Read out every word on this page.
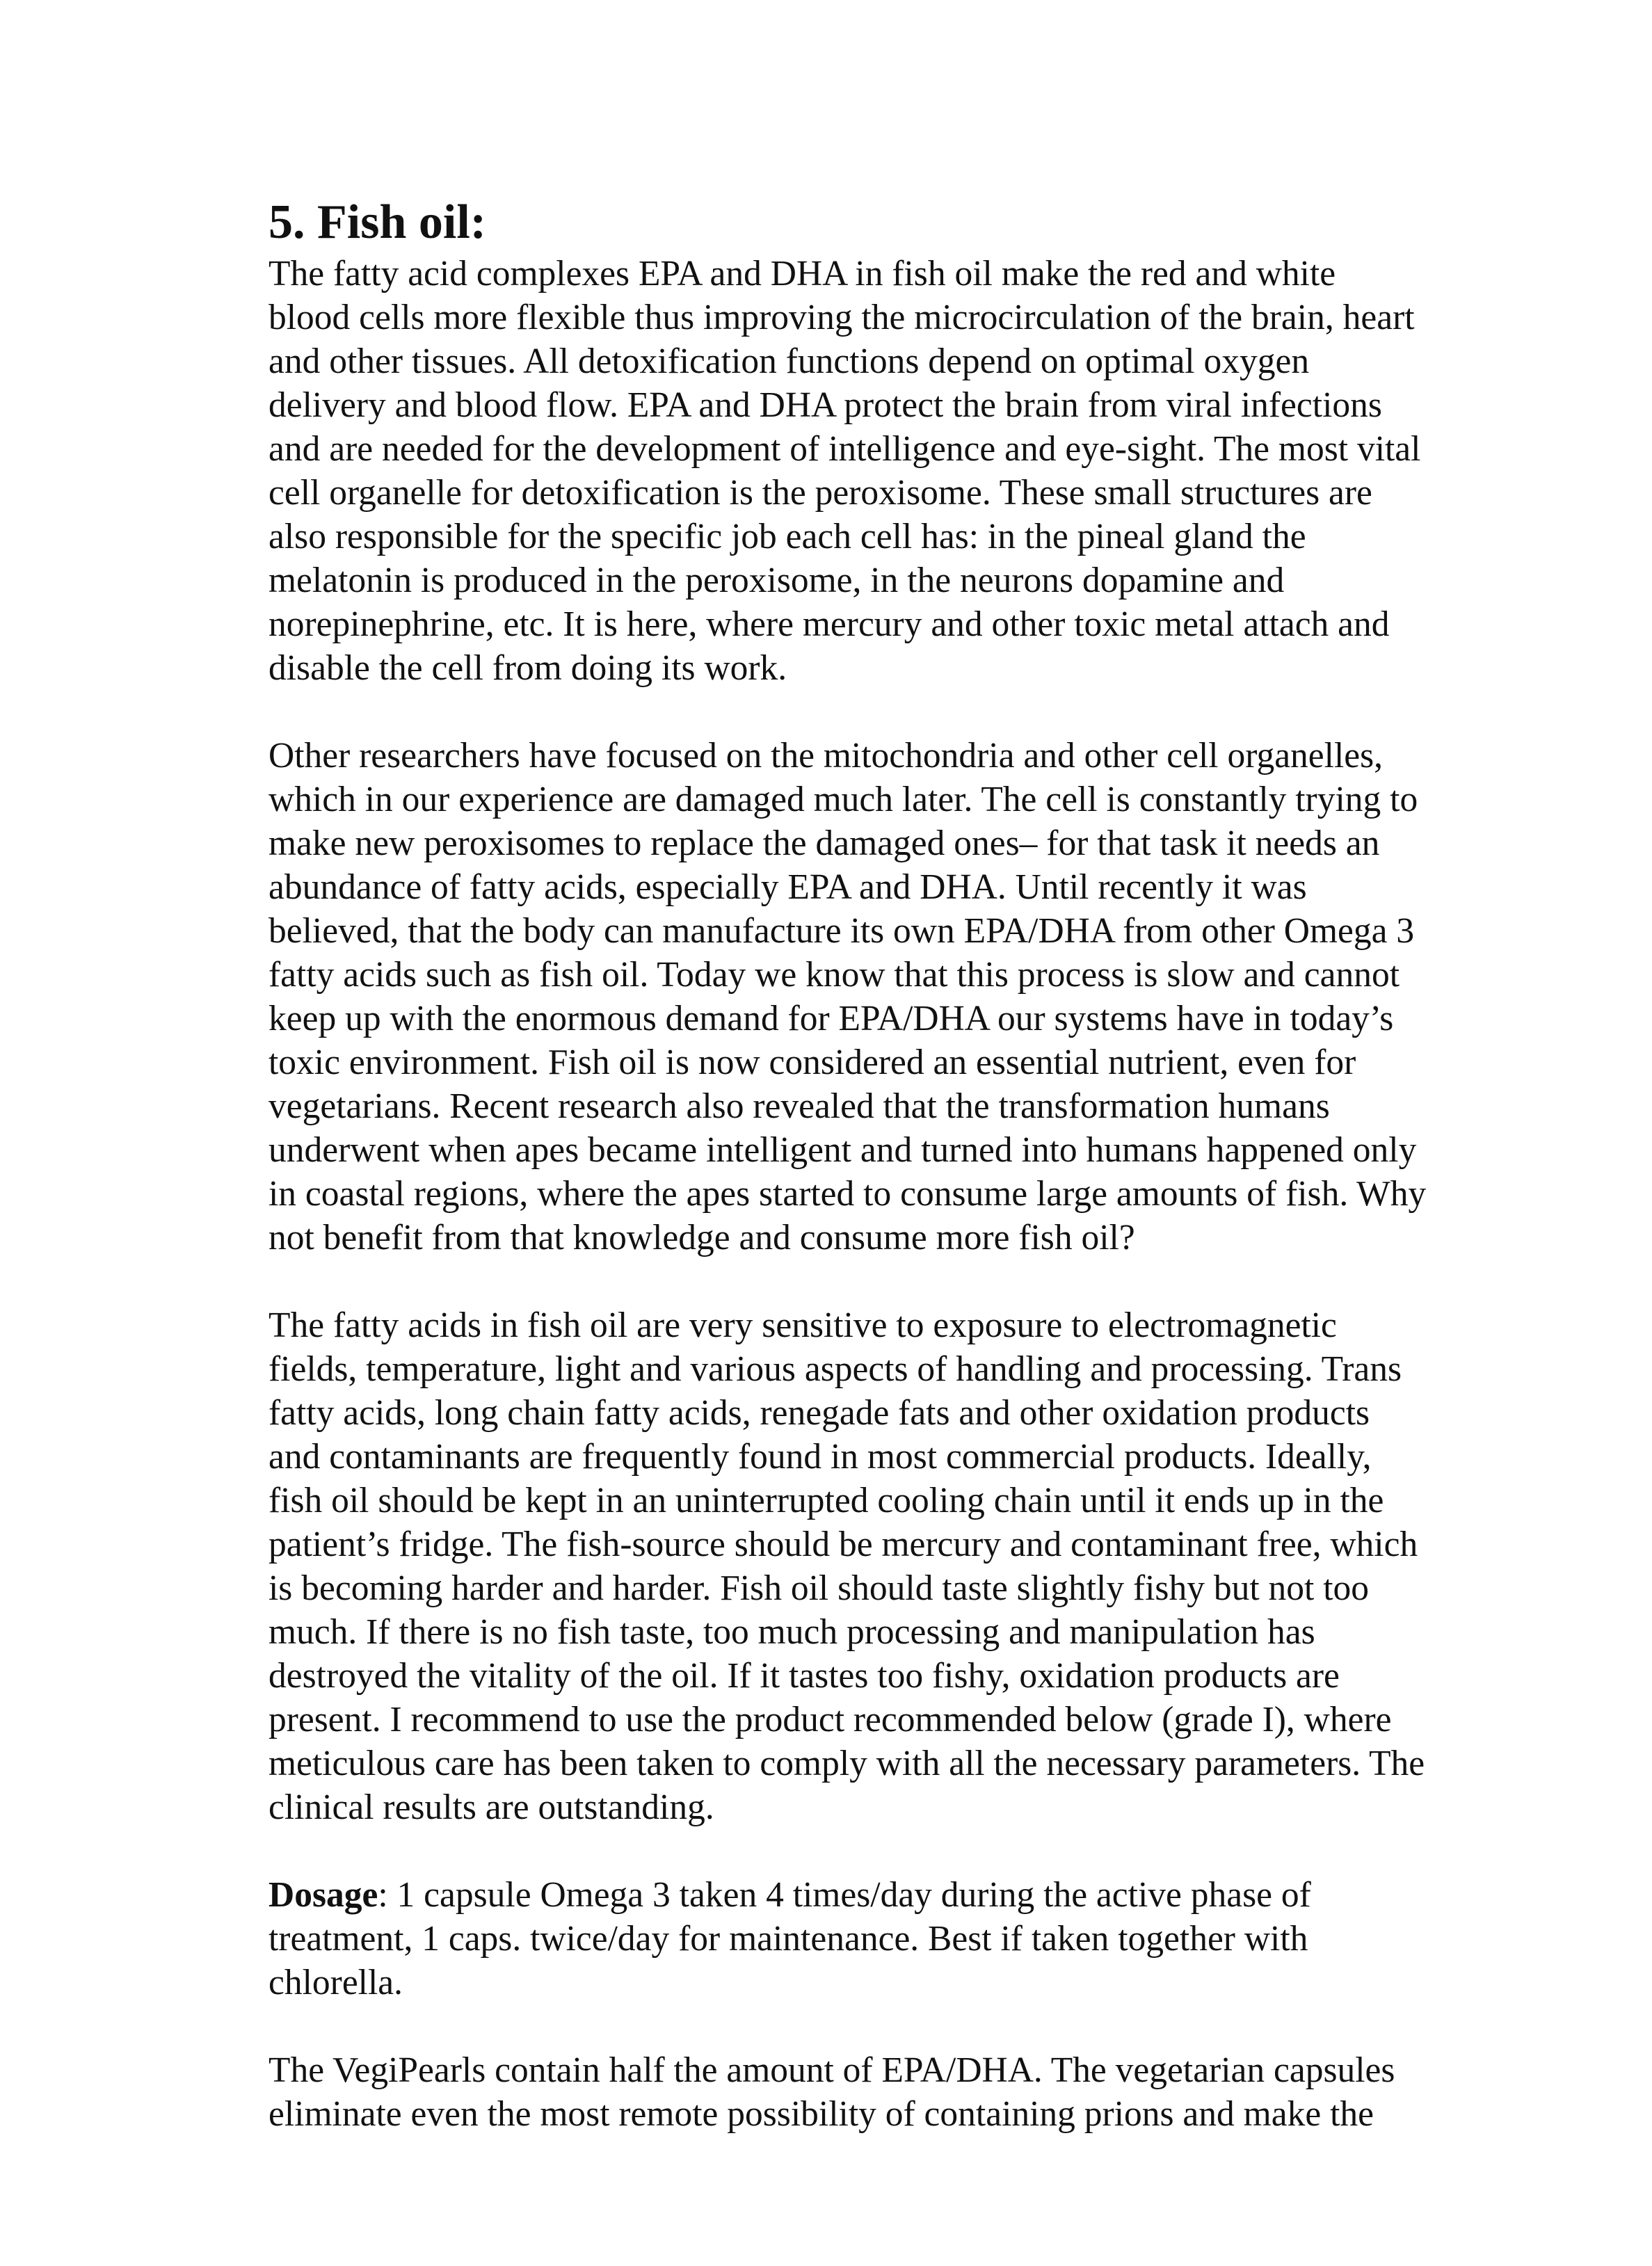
5. Fish oil:

The fatty acid complexes EPA and DHA in fish oil make the red and white
blood cells more flexible thus improving the microcirculation of the brain, heart
and other tissues. All detoxification functions depend on optimal oxygen
delivery and blood flow. EPA and DHA protect the brain from viral infections
and are needed for the development of intelligence and eye-sight. The most vital
cell organelle for detoxification is the peroxisome. These small structures are
also responsible for the specific job each cell has: in the pineal gland the
melatonin is produced in the peroxisome, in the neurons dopamine and
norepinephrine, etc. It is here, where mercury and other toxic metal attach and
disable the cell from doing its work.

Other researchers have focused on the mitochondria and other cell organelles,
which in our experience are damaged much later. The cell is constantly trying to
make new peroxisomes to replace the damaged ones– for that task it needs an
abundance of fatty acids, especially EPA and DHA. Until recently it was
believed, that the body can manufacture its own EPA/DHA from other Omega 3
fatty acids such as fish oil. Today we know that this process is slow and cannot
keep up with the enormous demand for EPA/DHA our systems have in today’s
toxic environment. Fish oil is now considered an essential nutrient, even for
vegetarians. Recent research also revealed that the transformation humans
underwent when apes became intelligent and turned into humans happened only
in coastal regions, where the apes started to consume large amounts of fish. Why
not benefit from that knowledge and consume more fish oil?

The fatty acids in fish oil are very sensitive to exposure to electromagnetic
fields, temperature, light and various aspects of handling and processing. Trans
fatty acids, long chain fatty acids, renegade fats and other oxidation products
and contaminants are frequently found in most commercial products. Ideally,
fish oil should be kept in an uninterrupted cooling chain until it ends up in the
patient’s fridge. The fish-source should be mercury and contaminant free, which
is becoming harder and harder. Fish oil should taste slightly fishy but not too
much. If there is no fish taste, too much processing and manipulation has
destroyed the vitality of the oil. If it tastes too fishy, oxidation products are
present. I recommend to use the product recommended below (grade I), where
meticulous care has been taken to comply with all the necessary parameters. The
clinical results are outstanding.

Dosage: 1 capsule Omega 3 taken 4 times/day during the active phase of
treatment, 1 caps. twice/day for maintenance. Best if taken together with
chlorella.

The VegiPearls contain half the amount of EPA/DHA. The vegetarian capsules
eliminate even the most remote possibility of containing prions and make the
